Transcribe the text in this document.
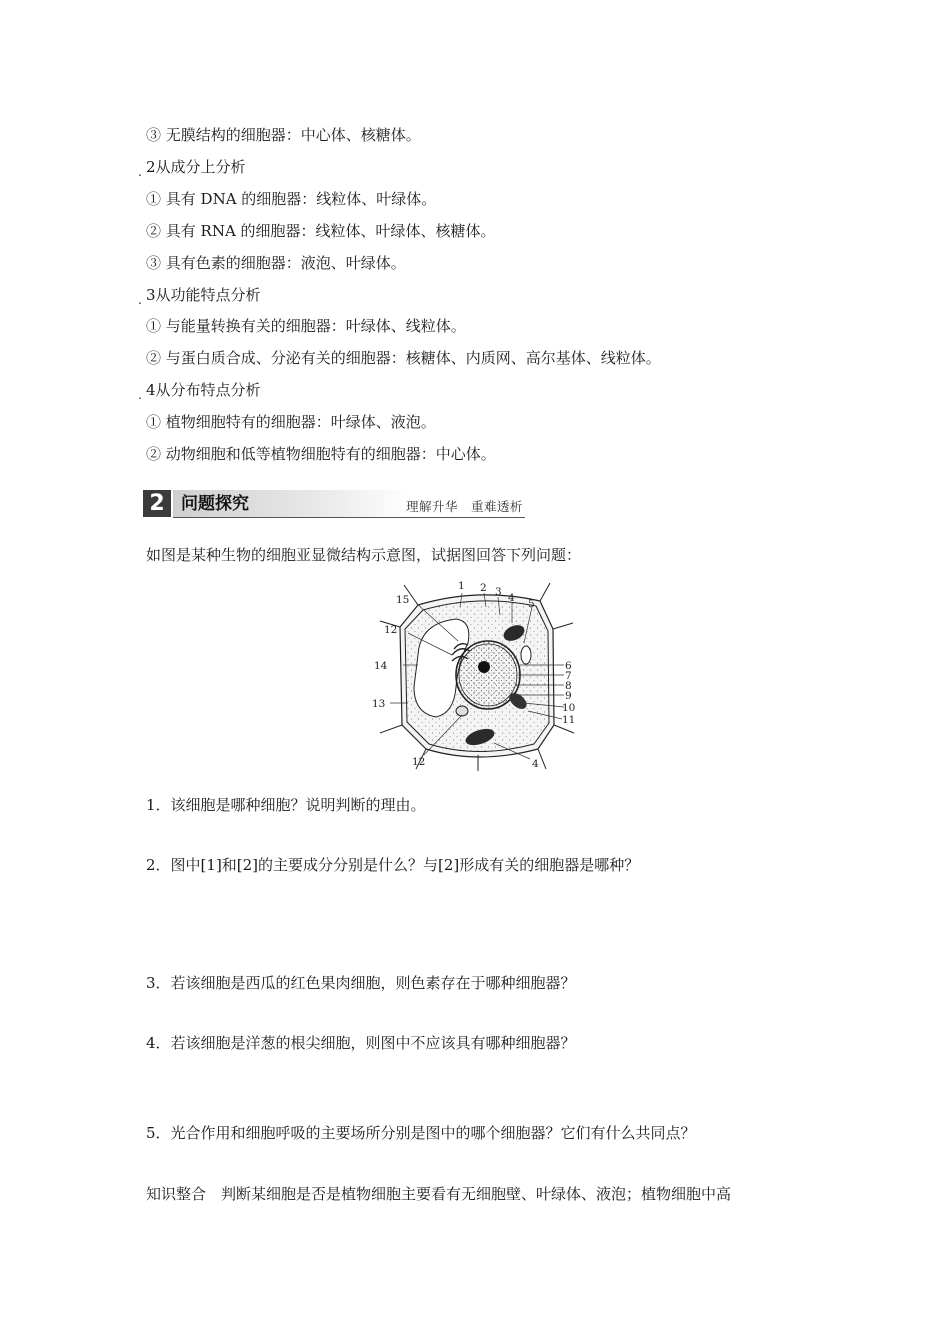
③ 无膜结构的细胞器：中心体、核糖体。
. 2从成分上分析
① 具有 DNA 的细胞器：线粒体、叶绿体。
② 具有 RNA 的细胞器：线粒体、叶绿体、核糖体。
③ 具有色素的细胞器：液泡、叶绿体。
. 3从功能特点分析
① 与能量转换有关的细胞器：叶绿体、线粒体。
② 与蛋白质合成、分泌有关的细胞器：核糖体、内质网、高尔基体、线粒体。
. 4从分布特点分析
① 植物细胞特有的细胞器：叶绿体、液泡。
② 动物细胞和低等植物细胞特有的细胞器：中心体。
2 问题探究	理解升华　重难透析
如图是某种生物的细胞亚显微结构示意图，试据图回答下列问题：
1 2 3 4 5
15
12
14
13
6
7
8
9
10
11
12	4
1．该细胞是哪种细胞？说明判断的理由。
2．图中[1]和[2]的主要成分分别是什么？与[2]形成有关的细胞器是哪种？
3．若该细胞是西瓜的红色果肉细胞，则色素存在于哪种细胞器？
4．若该细胞是洋葱的根尖细胞，则图中不应该具有哪种细胞器？
5．光合作用和细胞呼吸的主要场所分别是图中的哪个细胞器？它们有什么共同点？
知识整合　判断某细胞是否是植物细胞主要看有无细胞壁、叶绿体、液泡；植物细胞中高
